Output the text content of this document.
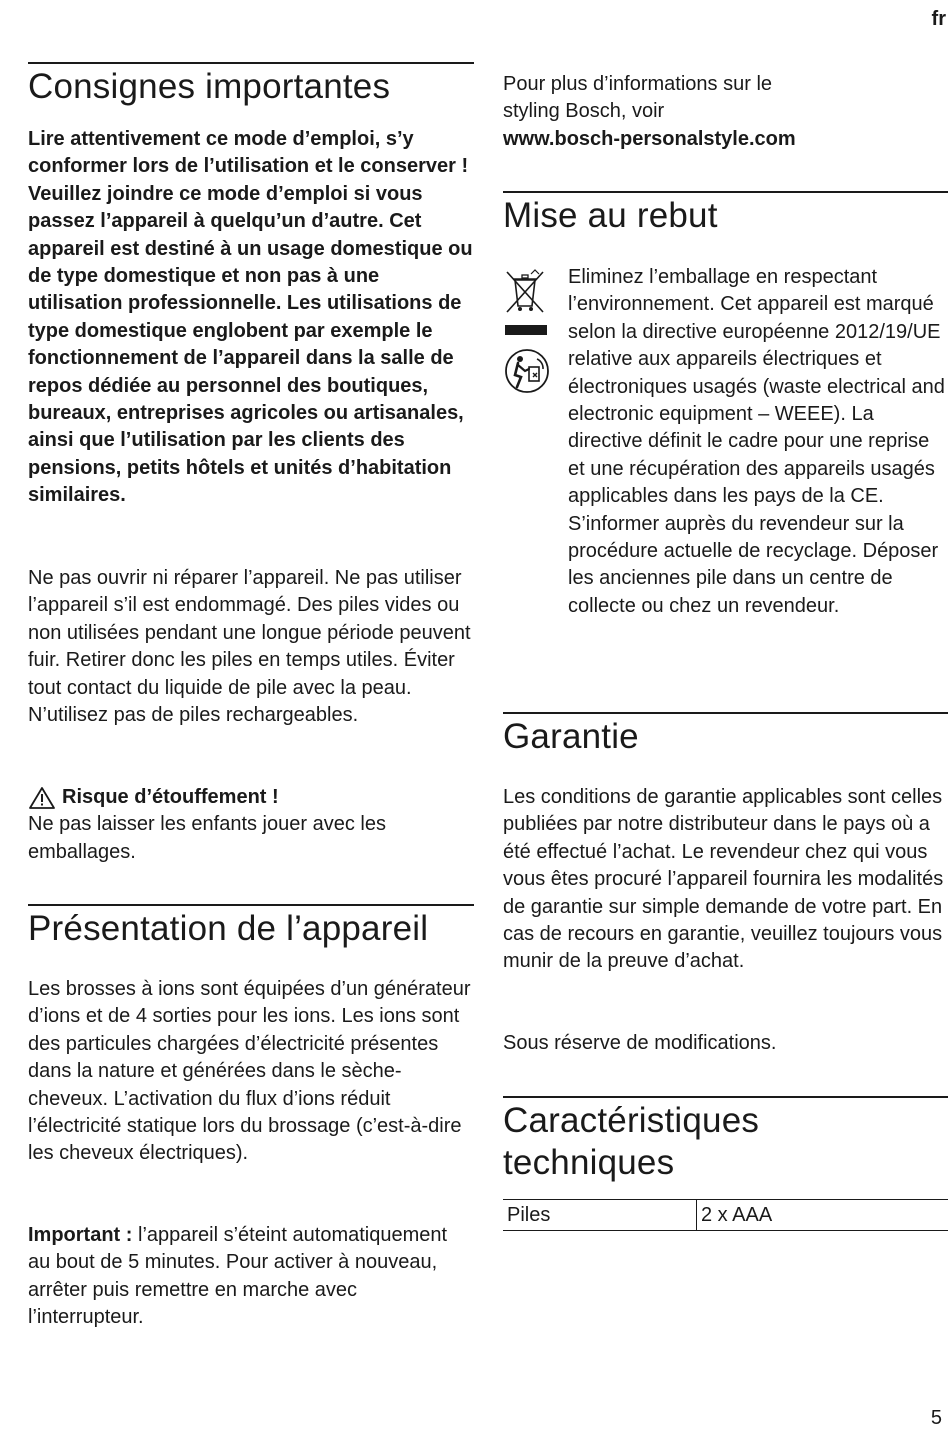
fr
Consignes importantes

Lire attentivement ce mode d’emploi, s’y conformer lors de l’utilisation et le conserver ! Veuillez joindre ce mode d’emploi si vous passez l’appareil à quelqu’un d’autre. Cet appareil est destiné à un usage domestique ou de type domestique et non pas à une utilisation professionnelle. Les utilisations de type domestique englobent par exemple le fonctionnement de l’appareil dans la salle de repos dédiée au personnel des boutiques, bureaux, entreprises agricoles ou artisanales, ainsi que l’utilisation par les clients des pensions, petits hôtels et unités d’habitation similaires.

Ne pas ouvrir ni réparer l’appareil. Ne pas utiliser l’appareil s’il est endommagé. Des piles vides ou non utilisées pendant une longue période peuvent fuir. Retirer donc les piles en temps utiles. Éviter tout contact du liquide de pile avec la peau. N’utilisez pas de piles rechargeables.

Risque d’étouffement !

Ne pas laisser les enfants jouer avec les emballages.

Présentation de l’appareil

Les brosses à ions sont équipées d’un générateur d’ions et de 4 sorties pour les ions. Les ions sont des particules chargées d’électricité présentes dans la nature et générées dans le sèche-cheveux. L’activation du flux d’ions réduit l’électricité statique lors du brossage (c’est-à-dire les cheveux électriques).

Important : l’appareil s’éteint automatiquement au bout de 5 minutes. Pour activer à nouveau, arrêter puis remettre en marche avec l’interrupteur.

Pour plus d’informations sur le styling Bosch, voir

www.bosch-personalstyle.com

Mise au rebut

Eliminez l’emballage en respectant l’environnement. Cet appareil est marqué selon la directive européenne 2012/19/UE relative aux appareils électriques et électroniques usagés (waste electrical and electronic equipment – WEEE). La directive définit le cadre pour une reprise et une récupération des appareils usagés applicables dans les pays de la CE. S’informer auprès du revendeur sur la procédure actuelle de recyclage. Déposer les anciennes pile dans un centre de collecte ou chez un revendeur.

Garantie

Les conditions de garantie applicables sont celles publiées par notre distributeur dans le pays où a été effectué l’achat. Le revendeur chez qui vous vous êtes procuré l’appareil fournira les modalités de garantie sur simple demande de votre part. En cas de recours en garantie, veuillez toujours vous munir de la preuve d’achat.

Sous réserve de modifications.

Caractéristiques
techniques
Piles	2 x AAA
5
